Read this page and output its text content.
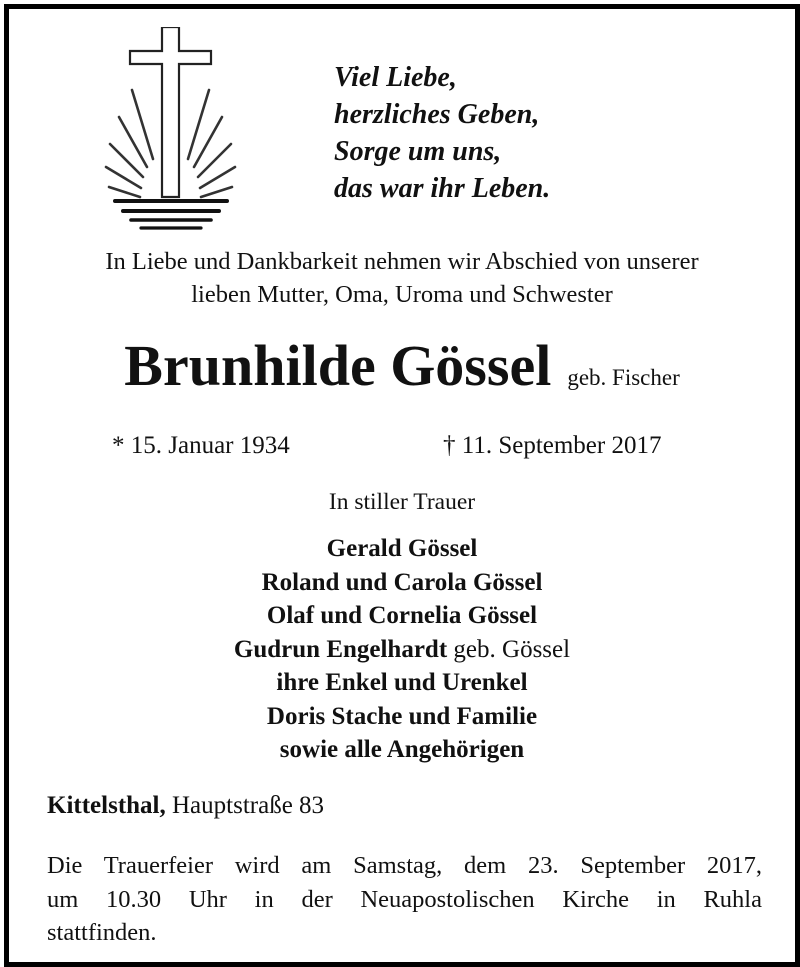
Viel Liebe,
herzliches Geben,
Sorge um uns,
das war ihr Leben.
In Liebe und Dankbarkeit nehmen wir Abschied von unserer
lieben Mutter, Oma, Uroma und Schwester
Brunhilde Gössel geb. Fischer
* 15. Januar 1934	† 11. September 2017
In stiller Trauer
Gerald Gössel
Roland und Carola Gössel
Olaf und Cornelia Gössel
Gudrun Engelhardt geb. Gössel
ihre Enkel und Urenkel
Doris Stache und Familie
sowie alle Angehörigen
Kittelsthal, Hauptstraße 83
Die Trauerfeier wird am Samstag, dem 23. September 2017,
um 10.30 Uhr in der Neuapostolischen Kirche in Ruhla
stattfinden.
